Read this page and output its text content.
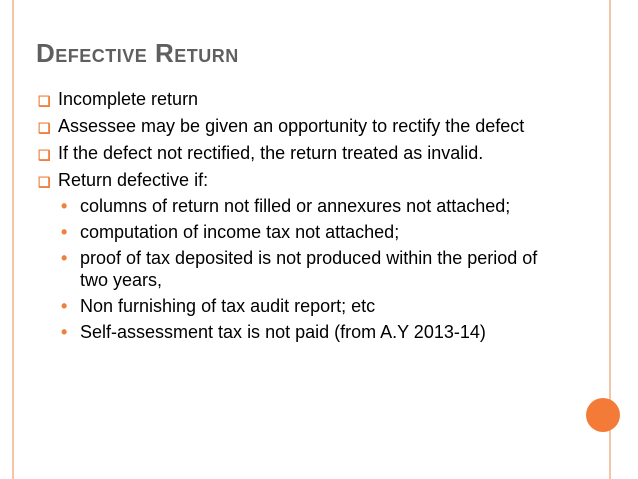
Defective Return
❑ Incomplete return
❑ Assessee may be given an opportunity to rectify the defect
❑ If the defect not rectified, the return treated as invalid.
❑ Return defective if:
• columns of return not filled or annexures not attached;
• computation of income tax not attached;
• proof of tax deposited is not produced within the period of two years,
• Non furnishing of tax audit report; etc
• Self-assessment tax is not paid (from A.Y 2013-14)
